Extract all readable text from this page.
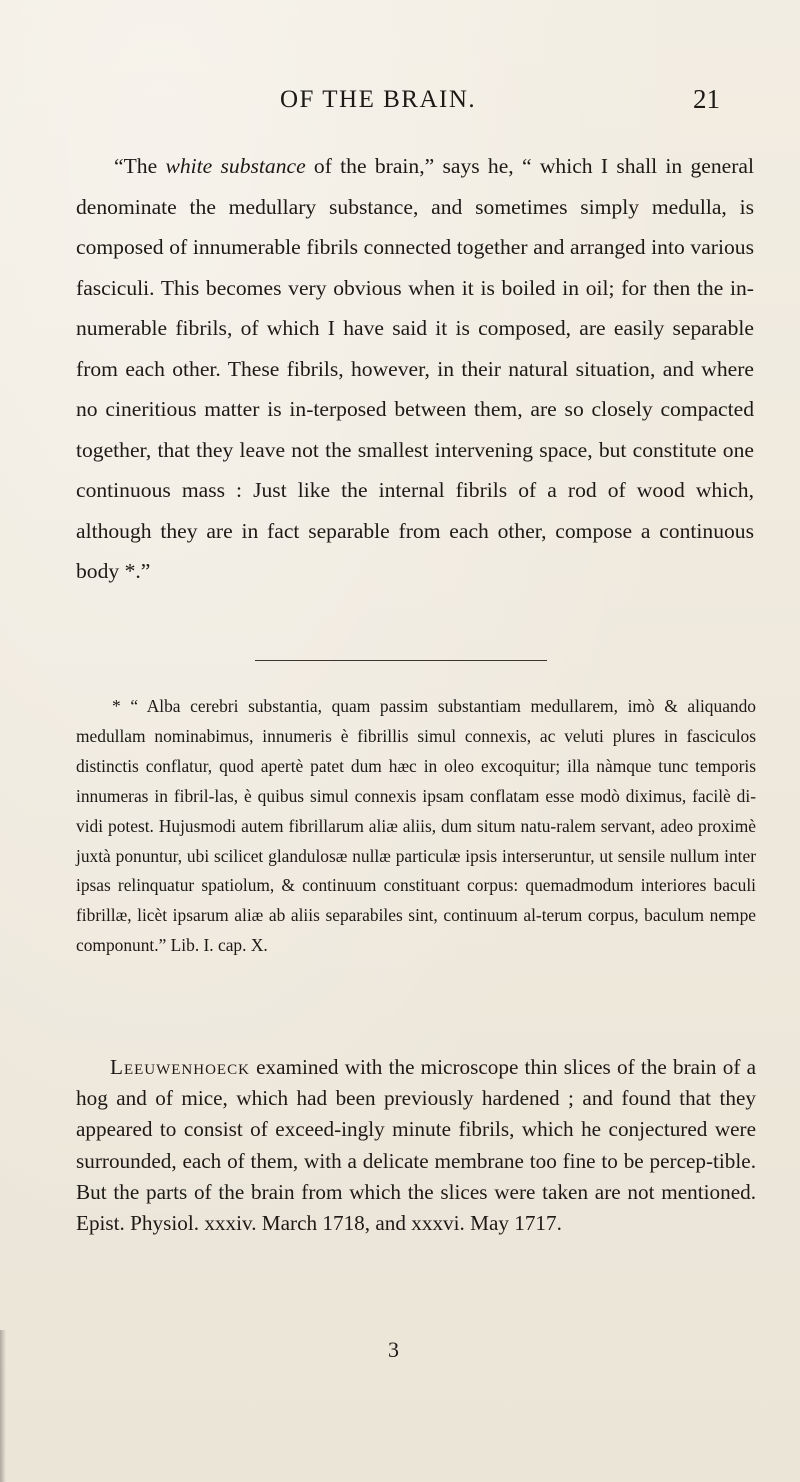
OF THE BRAIN.	21

“The white substance of the brain,” says he, “ which I shall in general denominate the medullary substance, and sometimes simply medulla, is composed of innumerable fibrils connected together and arranged into various fasciculi. This becomes very obvious when it is boiled in oil; for then the in-numerable fibrils, of which I have said it is composed, are easily separable from each other. These fibrils, however, in their natural situation, and where no cineritious matter is in-terposed between them, are so closely compacted together, that they leave not the smallest intervening space, but constitute one continuous mass : Just like the internal fibrils of a rod of wood which, although they are in fact separable from each other, compose a continuous body *.”

* “ Alba cerebri substantia, quam passim substantiam medullarem, imò & aliquando medullam nominabimus, innumeris è fibrillis simul connexis, ac veluti plures in fasciculos distinctis conflatur, quod apertè patet dum hæc in oleo excoquitur; illa nàmque tunc temporis innumeras in fibril-las, è quibus simul connexis ipsam conflatam esse modò diximus, facilè di-vidi potest. Hujusmodi autem fibrillarum aliæ aliis, dum situm natu-ralem servant, adeo proximè juxtà ponuntur, ubi scilicet glandulosæ nullæ particulæ ipsis interseruntur, ut sensile nullum inter ipsas relinquatur spatiolum, & continuum constituant corpus: quemadmodum interiores baculi fibrillæ, licèt ipsarum aliæ ab aliis separabiles sint, continuum al-terum corpus, baculum nempe componunt.” Lib. I. cap. X.

Leeuwenhoeck examined with the microscope thin slices of the brain of a hog and of mice, which had been previously hardened ; and found that they appeared to consist of exceed-ingly minute fibrils, which he conjectured were surrounded, each of them, with a delicate membrane too fine to be percep-tible. But the parts of the brain from which the slices were taken are not mentioned. Epist. Physiol. xxxiv. March 1718, and xxxvi. May 1717.

3
